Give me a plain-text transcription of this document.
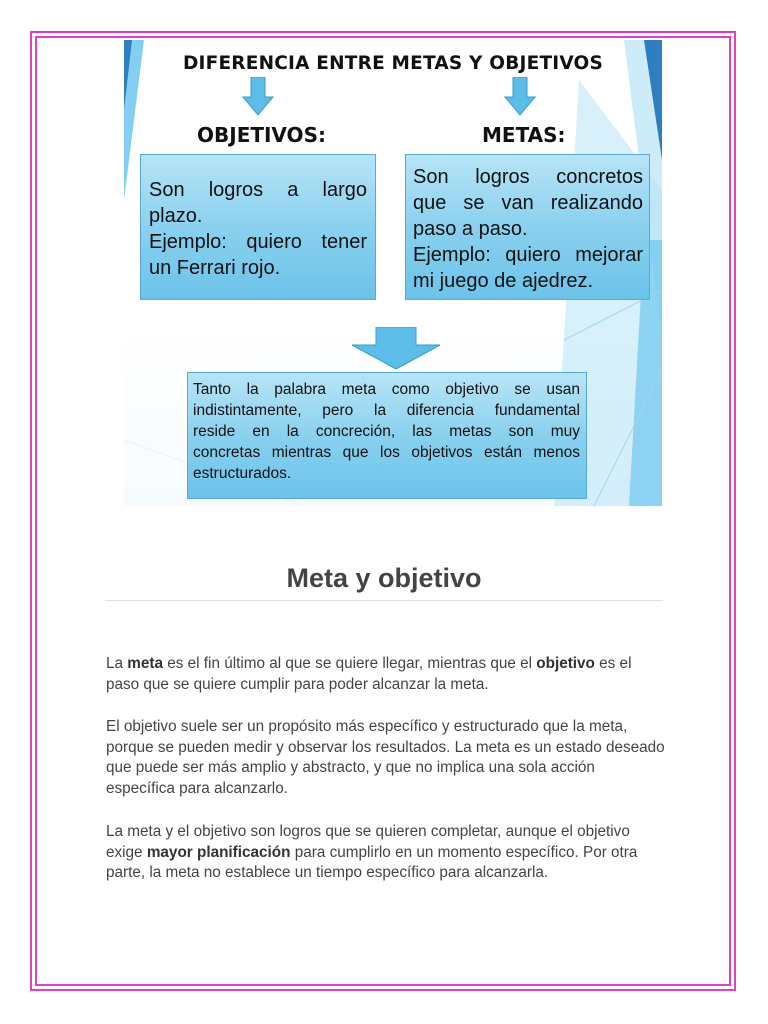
DIFERENCIA ENTRE METAS Y OBJETIVOS
OBJETIVOS:	METAS:
Son logros a largo
plazo.
Ejemplo: quiero tener
un Ferrari rojo.
Son logros concretos
que se van realizando
paso a paso.
Ejemplo: quiero mejorar
mi juego de ajedrez.
Tanto la palabra meta como objetivo se usan
indistintamente, pero la diferencia fundamental
reside en la concreción, las metas son muy
concretas mientras que los objetivos están menos
estructurados.
Meta y objetivo
La meta es el fin último al que se quiere llegar, mientras que el objetivo es el paso que se quiere cumplir para poder alcanzar la meta.
El objetivo suele ser un propósito más específico y estructurado que la meta, porque se pueden medir y observar los resultados. La meta es un estado deseado que puede ser más amplio y abstracto, y que no implica una sola acción específica para alcanzarlo.
La meta y el objetivo son logros que se quieren completar, aunque el objetivo exige mayor planificación para cumplirlo en un momento específico. Por otra parte, la meta no establece un tiempo específico para alcanzarla.
